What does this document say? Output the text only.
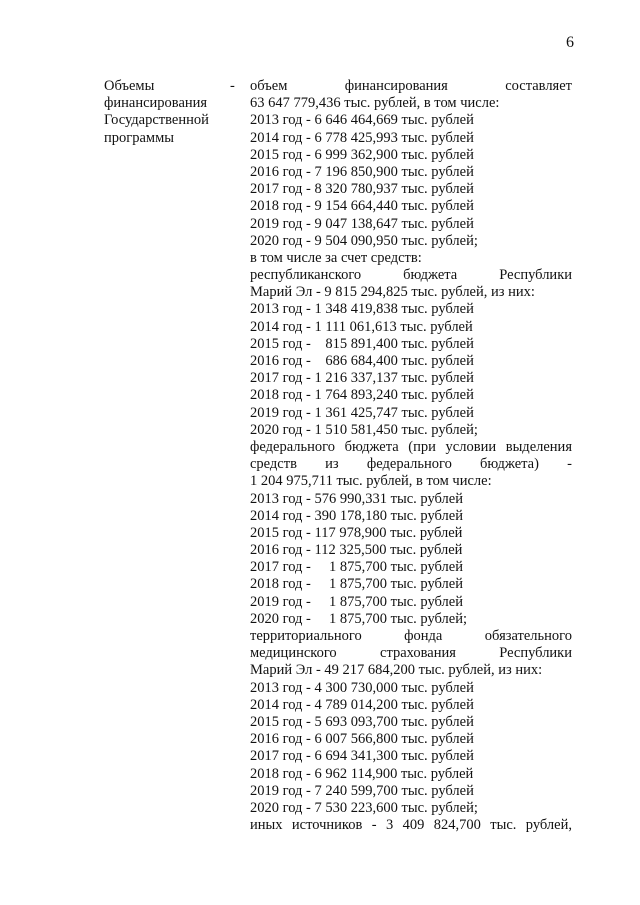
6
Объемы
финансирования
Государственной
программы
- объем финансирования составляет
63 647 779,436 тыс. рублей, в том числе:
2013 год - 6 646 464,669 тыс. рублей
2014 год - 6 778 425,993 тыс. рублей
2015 год - 6 999 362,900 тыс. рублей
2016 год - 7 196 850,900 тыс. рублей
2017 год - 8 320 780,937 тыс. рублей
2018 год - 9 154 664,440 тыс. рублей
2019 год - 9 047 138,647 тыс. рублей
2020 год - 9 504 090,950 тыс. рублей;
в том числе за счет средств:
республиканского бюджета Республики
Марий Эл - 9 815 294,825 тыс. рублей, из них:
2013 год - 1 348 419,838 тыс. рублей
2014 год - 1 111 061,613 тыс. рублей
2015 год -    815 891,400 тыс. рублей
2016 год -    686 684,400 тыс. рублей
2017 год - 1 216 337,137 тыс. рублей
2018 год - 1 764 893,240 тыс. рублей
2019 год - 1 361 425,747 тыс. рублей
2020 год - 1 510 581,450 тыс. рублей;
федерального бюджета (при условии выделения
средств из федерального бюджета) -
1 204 975,711 тыс. рублей, в том числе:
2013 год - 576 990,331 тыс. рублей
2014 год - 390 178,180 тыс. рублей
2015 год - 117 978,900 тыс. рублей
2016 год - 112 325,500 тыс. рублей
2017 год -     1 875,700 тыс. рублей
2018 год -     1 875,700 тыс. рублей
2019 год -     1 875,700 тыс. рублей
2020 год -     1 875,700 тыс. рублей;
территориального фонда обязательного
медицинского страхования Республики
Марий Эл - 49 217 684,200 тыс. рублей, из них:
2013 год - 4 300 730,000 тыс. рублей
2014 год - 4 789 014,200 тыс. рублей
2015 год - 5 693 093,700 тыс. рублей
2016 год - 6 007 566,800 тыс. рублей
2017 год - 6 694 341,300 тыс. рублей
2018 год - 6 962 114,900 тыс. рублей
2019 год - 7 240 599,700 тыс. рублей
2020 год - 7 530 223,600 тыс. рублей;
иных источников - 3 409 824,700 тыс. рублей,
